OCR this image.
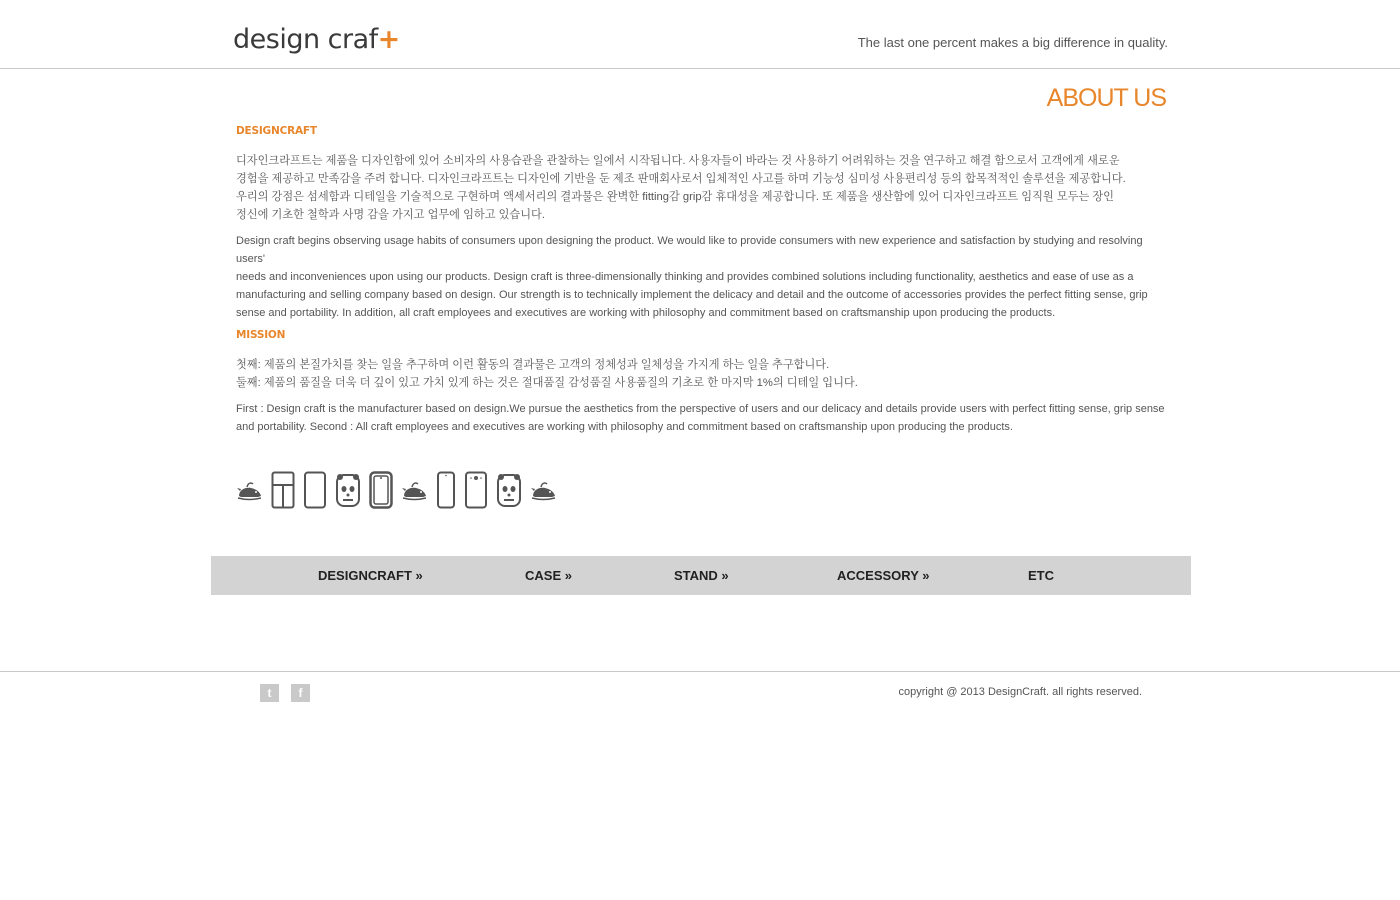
design craf+	The last one percent makes a big difference in quality.
ABOUT US
DESIGNCRAFT
디자인크라프트는 제품을 디자인함에 있어 소비자의 사용습관을 관찰하는 일에서 시작됩니다. 사용자들이 바라는 것 사용하기 어려워하는 것을 연구하고 해결 함으로서 고객에게 새로운
경험을 제공하고 만족감을 주려 합니다. 디자인크라프트는 디자인에 기반을 둔 제조 판매회사로서 입체적인 사고를 하며 기능성 심미성 사용편리성 등의 합목적적인 솔루션을 제공합니다.
우리의 강점은 섬세함과 디테일을 기술적으로 구현하며 액세서리의 결과물은 완벽한 fitting감 grip감 휴대성을 제공합니다. 또 제품을 생산함에 있어 디자인크라프트 임직원 모두는 장인
정신에 기초한 철학과 사명 감을 가지고 업무에 임하고 있습니다.
Design craft begins observing usage habits of consumers upon designing the product. We would like to provide consumers with new experience and satisfaction by studying and resolving users'
needs and inconveniences upon using our products. Design craft is three-dimensionally thinking and provides combined solutions including functionality, aesthetics and ease of use as a
manufacturing and selling company based on design. Our strength is to technically implement the delicacy and detail and the outcome of accessories provides the perfect fitting sense, grip
sense and portability. In addition, all craft employees and executives are working with philosophy and commitment based on craftsmanship upon producing the products.
MISSION
첫째: 제품의 본질가치를 찾는 일을 추구하며 이런 활동의 결과물은 고객의 정체성과 일체성을 가지게 하는 일을 추구합니다.
둘째: 제품의 품질을 더욱 더 깊이 있고 가치 있게 하는 것은 절대품질 감성품질 사용품질의 기초로 한 마지막 1%의 디테일 입니다.
First : Design craft is the manufacturer based on design.We pursue the aesthetics from the perspective of users and our delicacy and details provide users with perfect fitting sense, grip sense
and portability. Second : All craft employees and executives are working with philosophy and commitment based on craftsmanship upon producing the products.
DESIGNCRAFT »	CASE »	STAND »	ACCESSORY »	ETC
t f	copyright @ 2013 DesignCraft. all rights reserved.
